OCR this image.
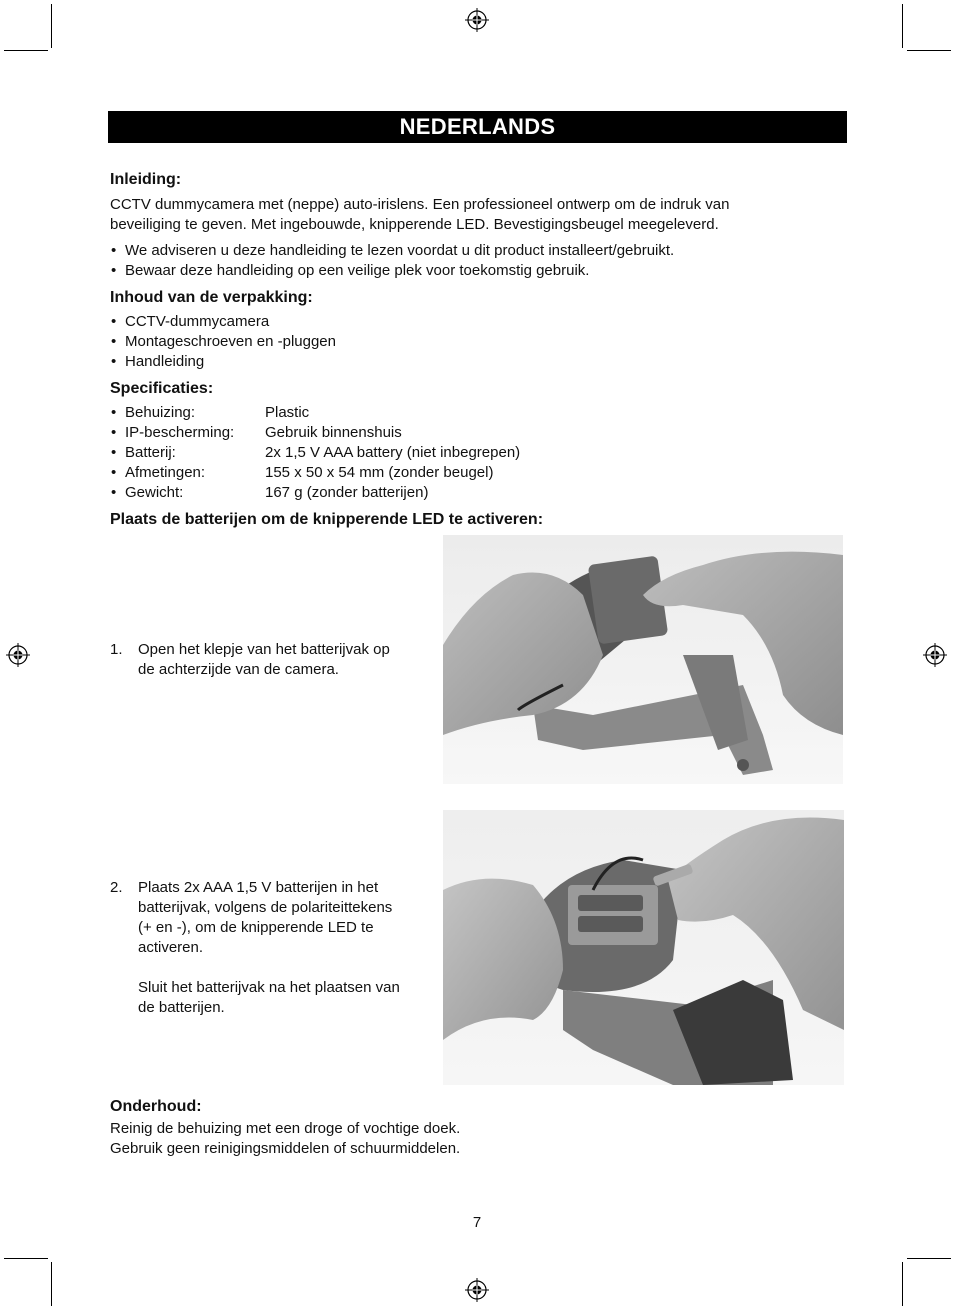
NEDERLANDS
Inleiding:

CCTV dummycamera met (neppe) auto-irislens. Een professioneel ontwerp om de indruk van

beveiliging te geven. Met ingebouwde, knipperende LED. Bevestigingsbeugel meegeleverd.

• We adviseren u deze handleiding te lezen voordat u dit product installeert/gebruikt.
• Bewaar deze handleiding op een veilige plek voor toekomstig gebruik.
Inhoud van de verpakking:
• CCTV-dummycamera
• Montageschroeven en -pluggen
• Handleiding
Specificaties:
• Behuizing:	Plastic
• IP-bescherming: Gebruik binnenshuis
• Batterij:	2x 1,5 V AAA battery (niet inbegrepen)
• Afmetingen:	155 x 50 x 54 mm (zonder beugel)
• Gewicht:	167 g (zonder batterijen)
Plaats de batterijen om de knipperende LED te activeren:
1. Open het klepje van het batterijvak op
de achterzijde van de camera.
2. Plaats 2x AAA 1,5 V batterijen in het
batterijvak, volgens de polariteittekens
(+ en -), om de knipperende LED te
activeren.
Sluit het batterijvak na het plaatsen van
de batterijen.
Onderhoud:

Reinig de behuizing met een droge of vochtige doek.

Gebruik geen reinigingsmiddelen of schuurmiddelen.

7
